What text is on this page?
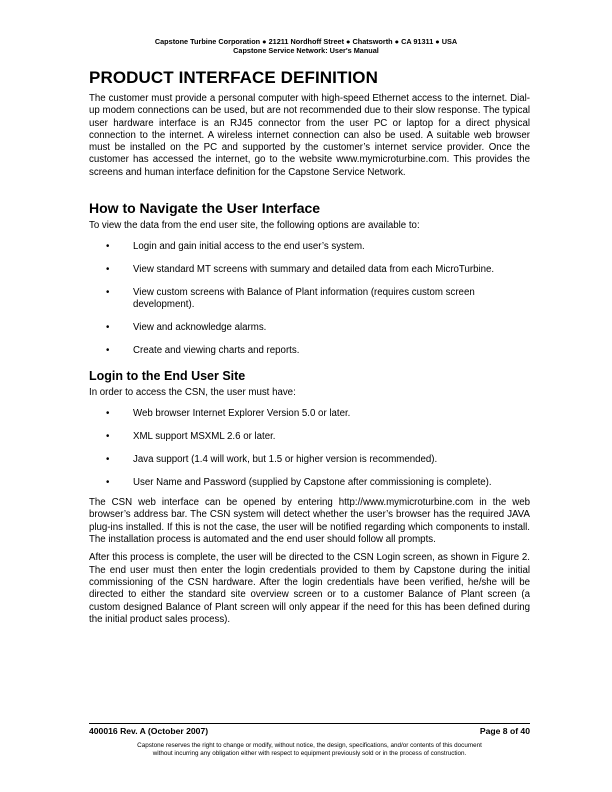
Capstone Turbine Corporation ● 21211 Nordhoff Street ● Chatsworth ● CA 91311 ● USA
Capstone Service Network: User's Manual
PRODUCT INTERFACE DEFINITION

The customer must provide a personal computer with high-speed Ethernet access to the internet. Dial-up modem connections can be used, but are not recommended due to their slow response. The typical user hardware interface is an RJ45 connector from the user PC or laptop for a direct physical connection to the internet. A wireless internet connection can also be used. A suitable web browser must be installed on the PC and supported by the customer’s internet service provider. Once the customer has accessed the internet, go to the website www.mymicroturbine.com. This provides the screens and human interface definition for the Capstone Service Network.

How to Navigate the User Interface

To view the data from the end user site, the following options are available to:

• Login and gain initial access to the end user’s system.
• View standard MT screens with summary and detailed data from each MicroTurbine.
• View custom screens with Balance of Plant information (requires custom screen development).
• View and acknowledge alarms.
• Create and viewing charts and reports.
Login to the End User Site

In order to access the CSN, the user must have:

• Web browser Internet Explorer Version 5.0 or later.
• XML support MSXML 2.6 or later.
• Java support (1.4 will work, but 1.5 or higher version is recommended).
• User Name and Password (supplied by Capstone after commissioning is complete).

The CSN web interface can be opened by entering http://www.mymicroturbine.com in the web browser’s address bar. The CSN system will detect whether the user’s browser has the required JAVA plug-ins installed. If this is not the case, the user will be notified regarding which components to install. The installation process is automated and the end user should follow all prompts.

After this process is complete, the user will be directed to the CSN Login screen, as shown in Figure 2. The end user must then enter the login credentials provided to them by Capstone during the initial commissioning of the CSN hardware. After the login credentials have been verified, he/she will be directed to either the standard site overview screen or to a customer Balance of Plant screen (a custom designed Balance of Plant screen will only appear if the need for this has been defined during the initial product sales process).

400016 Rev. A (October 2007)	Page 8 of 40
Capstone reserves the right to change or modify, without notice, the design, specifications, and/or contents of this document
without incurring any obligation either with respect to equipment previously sold or in the process of construction.
